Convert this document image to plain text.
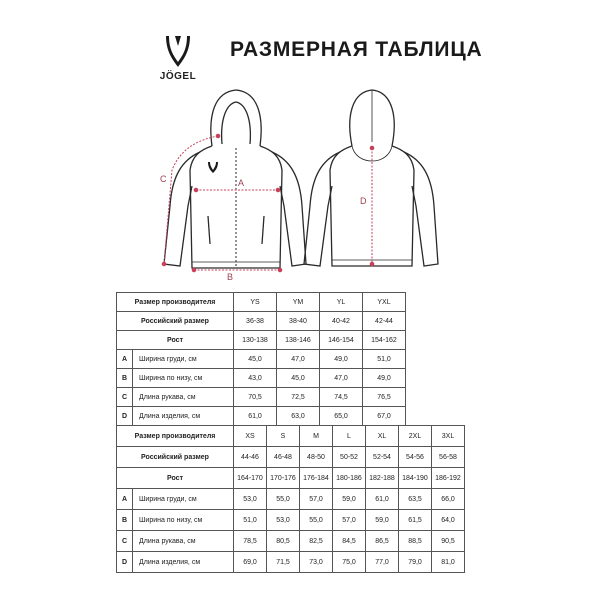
JÖGEL
РАЗМЕРНАЯ ТАБЛИЦА
A
B
C
D
Размер производителя		YS	YM	YL	YXL
Российский размер		36-38	38-40	40-42	42-44
Рост		130-138	138-146	146-154	154-162
A	Ширина груди, см	45,0	47,0	49,0	51,0
B	Ширина по низу, см	43,0	45,0	47,0	49,0
C	Длина рукава, см	70,5	72,5	74,5	76,5
D	Длина изделия, см	61,0	63,0	65,0	67,0
Размер производителя		XS	S	M	L	XL	2XL	3XL
Российский размер		44-46	46-48	48-50	50-52	52-54	54-56	56-58
Рост		164-170	170-176	176-184	180-186	182-188	184-190	186-192
A	Ширина груди, см	53,0	55,0	57,0	59,0	61,0	63,5	66,0
B	Ширина по низу, см	51,0	53,0	55,0	57,0	59,0	61,5	64,0
C	Длина рукава, см	78,5	80,5	82,5	84,5	86,5	88,5	90,5
D	Длина изделия, см	69,0	71,5	73,0	75,0	77,0	79,0	81,0
